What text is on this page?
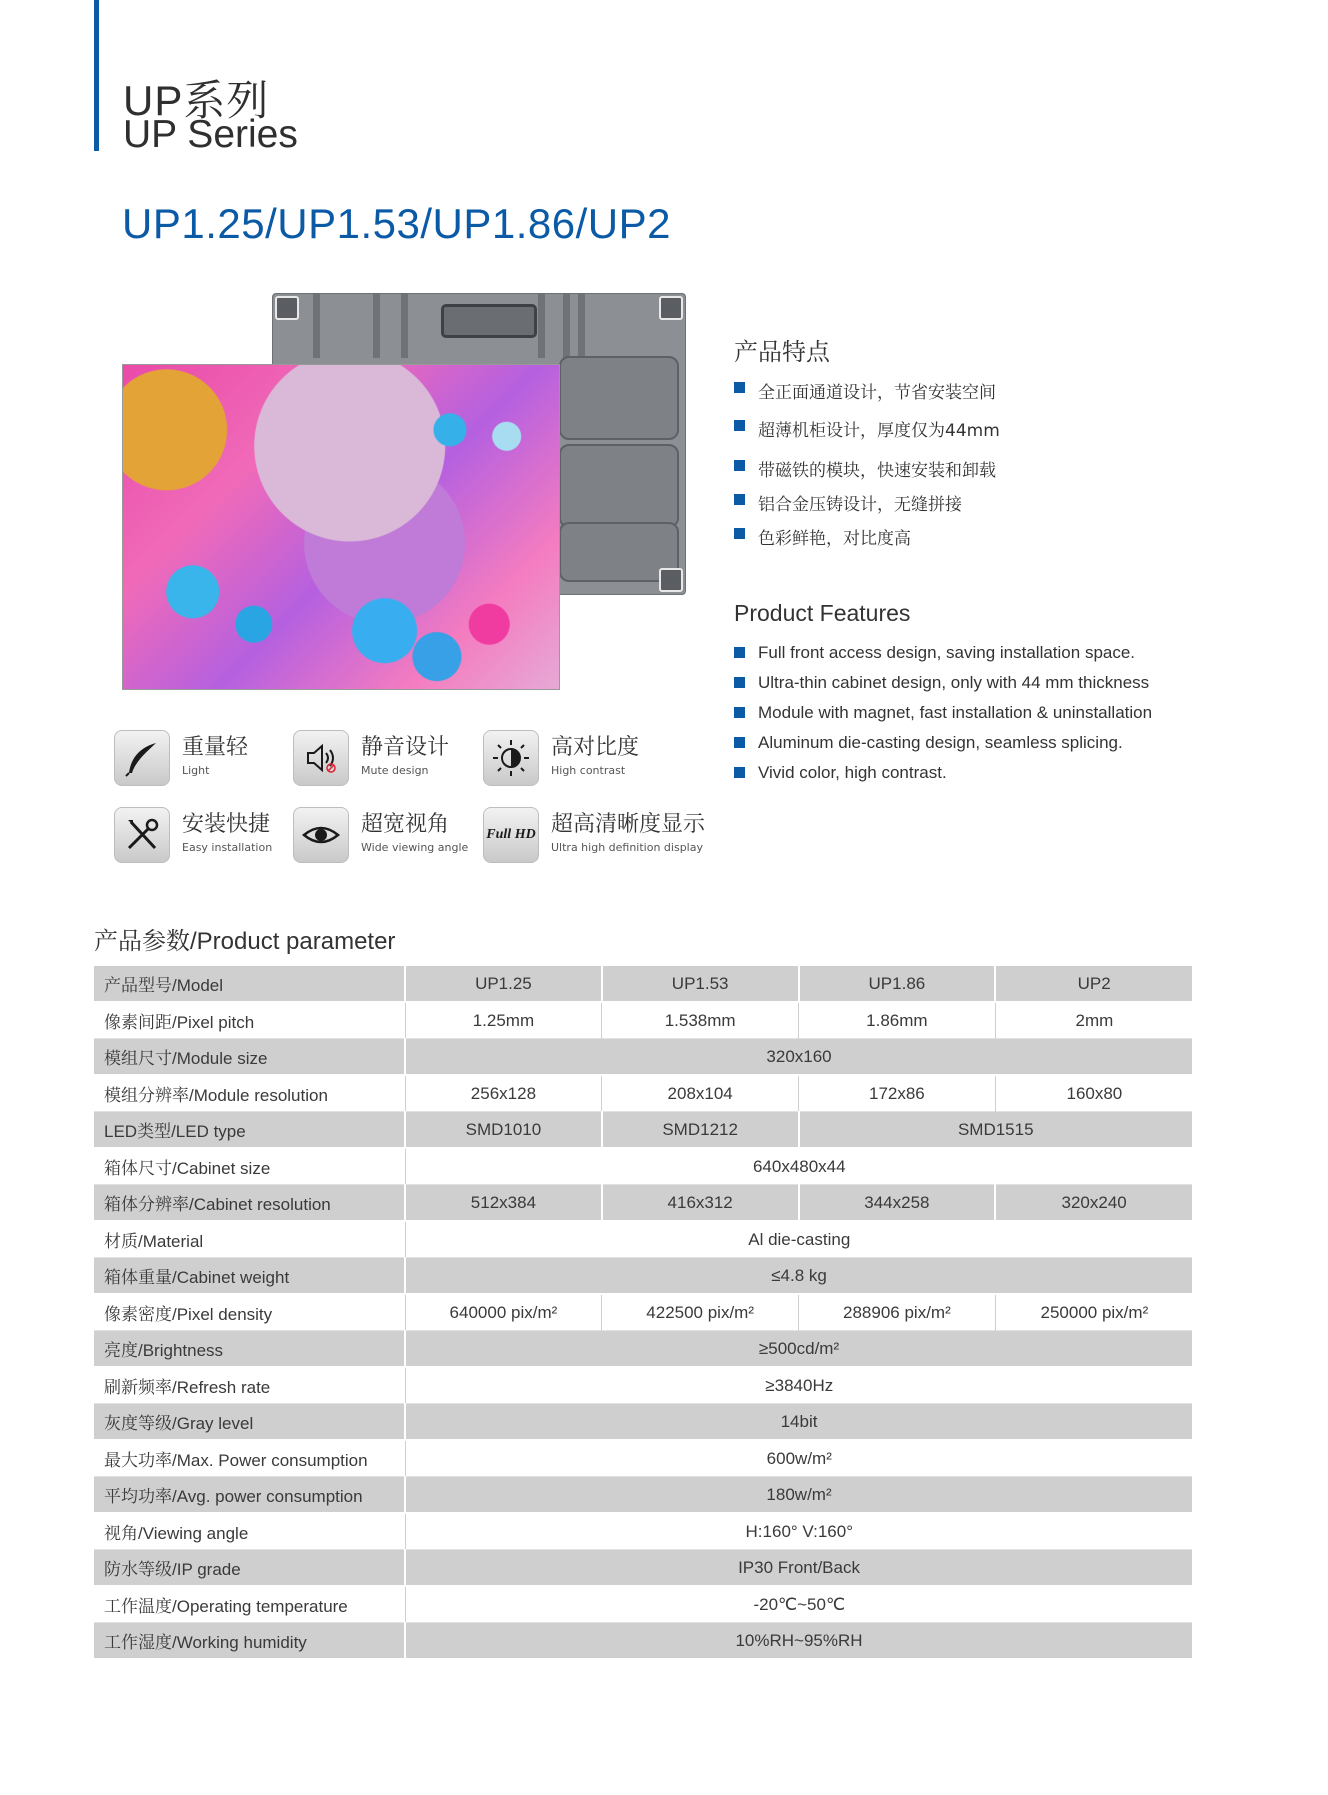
UP系列
UP Series
UP1.25/UP1.53/UP1.86/UP2
重量轻
Light
静音设计
Mute design
高对比度
High contrast
安装快捷
Easy installation
超宽视角
Wide viewing angle
Full HD 超高清晰度显示
Ultra high definition display
产品特点
全正面通道设计，节省安装空间
超薄机柜设计，厚度仅为44mm
带磁铁的模块，快速安装和卸载
铝合金压铸设计，无缝拼接
色彩鲜艳，对比度高
Product Features
Full front access design, saving installation space.
Ultra-thin cabinet design, only with 44 mm thickness
Module with magnet, fast installation & uninstallation
Aluminum die-casting design, seamless splicing.
Vivid color, high contrast.
产品参数/Product parameter
产品型号/Model	UP1.25	UP1.53	UP1.86	UP2
像素间距/Pixel pitch	1.25mm	1.538mm	1.86mm	2mm
模组尺寸/Module size	320x160			
模组分辨率/Module resolution	256x128	208x104	172x86	160x80
LED类型/LED type	SMD1010	SMD1212	SMD1515	
箱体尺寸/Cabinet size	640x480x44			
箱体分辨率/Cabinet resolution	512x384	416x312	344x258	320x240
材质/Material	Al die-casting			
箱体重量/Cabinet weight	≤4.8 kg			
像素密度/Pixel density	640000 pix/m²	422500 pix/m²	288906 pix/m²	250000 pix/m²
亮度/Brightness	≥500cd/m²			
刷新频率/Refresh rate	≥3840Hz			
灰度等级/Gray level	14bit			
最大功率/Max. Power consumption	600w/m²			
平均功率/Avg. power consumption	180w/m²			
视角/Viewing angle	H:160° V:160°			
防水等级/IP grade	IP30 Front/Back			
工作温度/Operating temperature	-20℃~50℃			
工作湿度/Working humidity	10%RH~95%RH			
